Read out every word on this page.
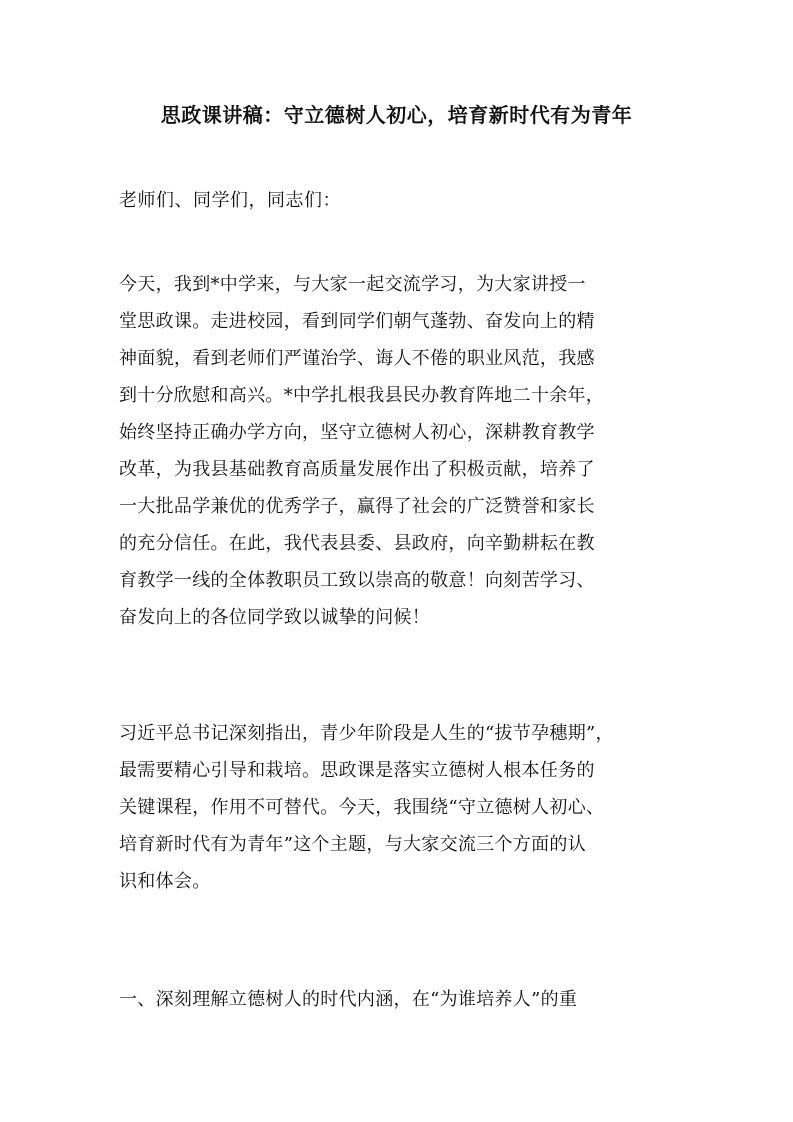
思政课讲稿：守立德树人初心，培育新时代有为青年

老师们、同学们，同志们：

今天，我到*中学来，与大家一起交流学习，为大家讲授一
堂思政课。走进校园，看到同学们朝气蓬勃、奋发向上的精
神面貌，看到老师们严谨治学、诲人不倦的职业风范，我感
到十分欣慰和高兴。*中学扎根我县民办教育阵地二十余年，
始终坚持正确办学方向，坚守立德树人初心，深耕教育教学
改革，为我县基础教育高质量发展作出了积极贡献，培养了
一大批品学兼优的优秀学子，赢得了社会的广泛赞誉和家长
的充分信任。在此，我代表县委、县政府，向辛勤耕耘在教
育教学一线的全体教职员工致以崇高的敬意！向刻苦学习、
奋发向上的各位同学致以诚挚的问候！
习近平总书记深刻指出，青少年阶段是人生的“拔节孕穗期”，
最需要精心引导和栽培。思政课是落实立德树人根本任务的
关键课程，作用不可替代。今天，我围绕“守立德树人初心、
培育新时代有为青年”这个主题，与大家交流三个方面的认
识和体会。
一、深刻理解立德树人的时代内涵，在“为谁培养人”的重
